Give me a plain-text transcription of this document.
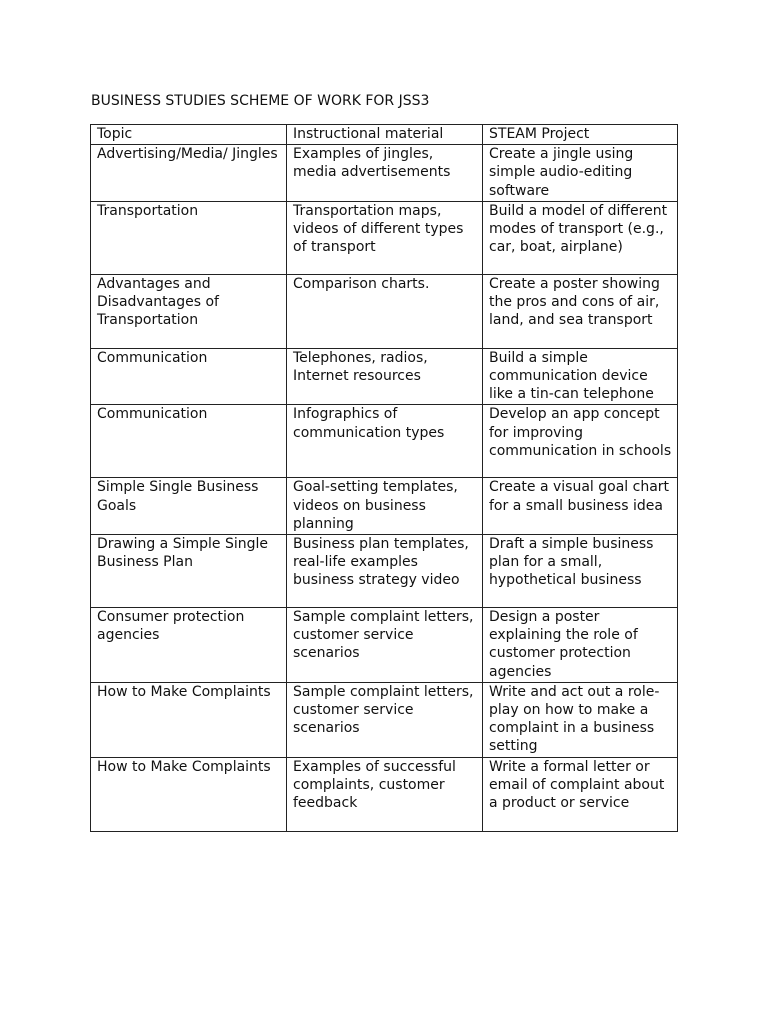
BUSINESS STUDIES SCHEME OF WORK FOR JSS3
Topic	Instructional material	STEAM Project
Advertising/Media/ Jingles	Examples of jingles, media advertisements	Create a jingle using simple audio-editing software
Transportation	Transportation maps, videos of different types of transport	Build a model of different modes of transport (e.g., car, boat, airplane)
Advantages and Disadvantages of Transportation	Comparison charts.	Create a poster showing the pros and cons of air, land, and sea transport
Communication	Telephones, radios, Internet resources	Build a simple communication device like a tin-can telephone
Communication	Infographics of communication types	Develop an app concept for improving communication in schools
Simple Single Business Goals	Goal-setting templates, videos on business planning	Create a visual goal chart for a small business idea
Drawing a Simple Single Business Plan	Business plan templates, real-life examples business strategy video	Draft a simple business plan for a small, hypothetical business
Consumer protection agencies	Sample complaint letters, customer service scenarios	Design a poster explaining the role of customer protection agencies
How to Make Complaints	Sample complaint letters, customer service scenarios	Write and act out a role-play on how to make a complaint in a business setting
How to Make Complaints	Examples of successful complaints, customer feedback	Write a formal letter or email of complaint about a product or service
